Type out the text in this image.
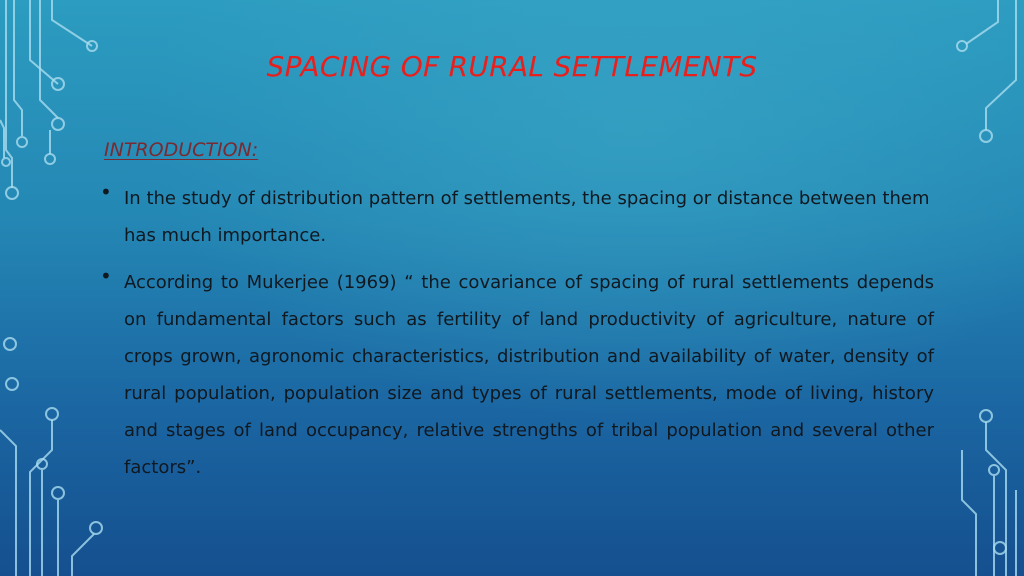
SPACING OF RURAL SETTLEMENTS
INTRODUCTION:
• In the study of distribution pattern of settlements, the spacing or distance between them has much importance.
• According to Mukerjee (1969) “ the covariance of spacing of rural settlements depends on fundamental factors such as fertility of land productivity of agriculture, nature of crops grown, agronomic characteristics, distribution and availability of water, density of rural population, population size and types of rural settlements, mode of living, history and stages of land occupancy, relative strengths of tribal population and several other factors”.
